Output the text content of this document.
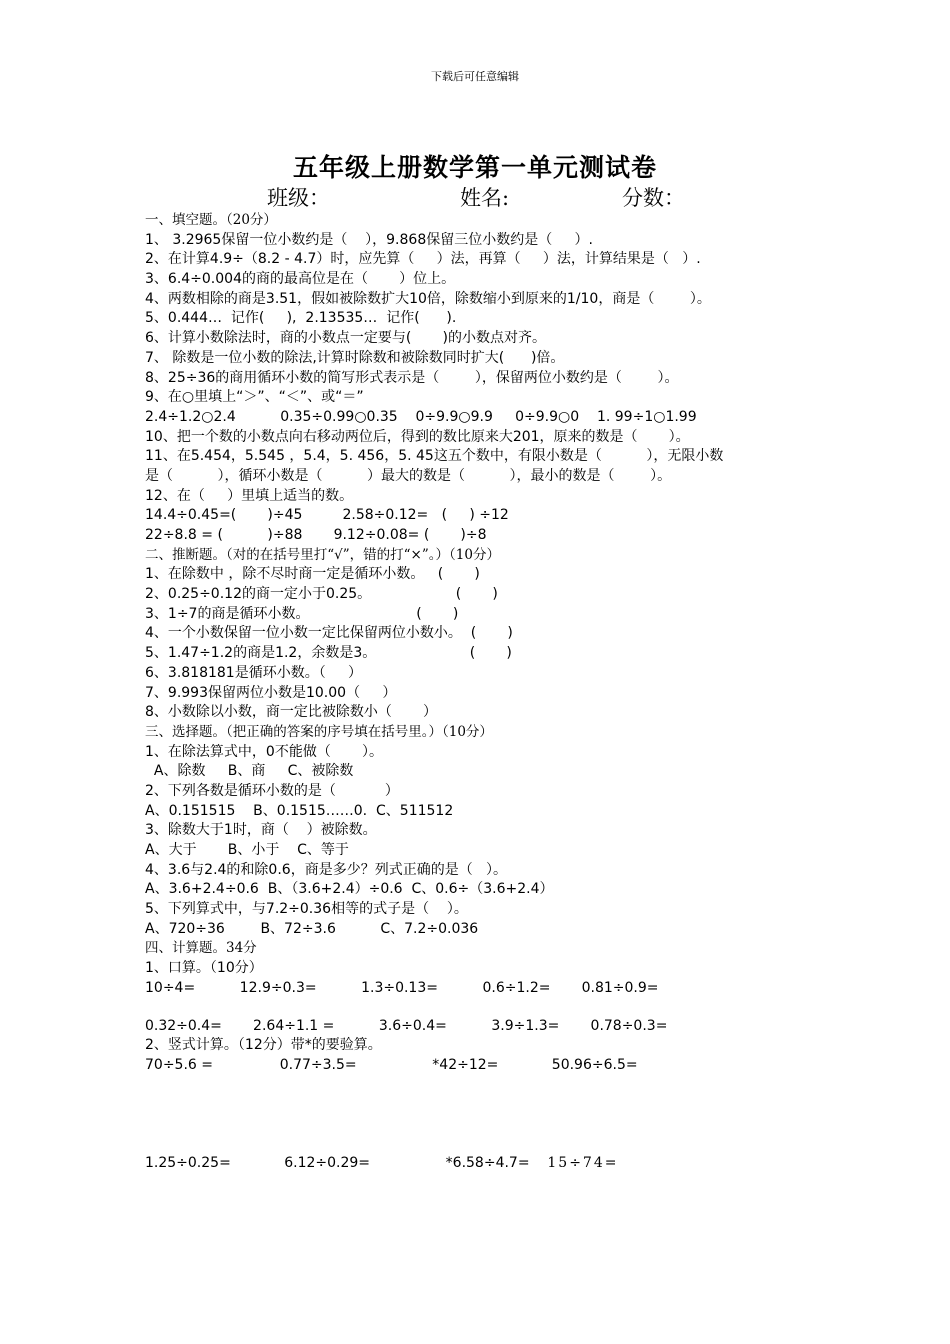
下载后可任意编辑
五年级上册数学第一单元测试卷
班级：	姓名:	分数：
一、填空题。（20分）
1、 3.2965保留一位小数约是（    ），9.868保留三位小数约是（     ）.
2、在计算4.9÷（8.2 - 4.7）时，应先算（     ）法，再算（     ）法，计算结果是（   ）.
3、6.4÷0.004的商的最高位是在（       ）位上。
4、两数相除的商是3.51，假如被除数扩大10倍，除数缩小到原来的1/10，商是（        ）。
5、0.444…  记作(     ),  2.13535…  记作(      ).
6、计算小数除法时，商的小数点一定要与(       )的小数点对齐。
7、 除数是一位小数的除法,计算时除数和被除数同时扩大(      )倍。
8、25÷36的商用循环小数的简写形式表示是（        ），保留两位小数约是（        ）。
9、在○里填上“＞”、“＜”、或“＝”
2.4÷1.2○2.4          0.35÷0.99○0.35    0÷9.9○9.9     0÷9.9○0    1. 99÷1○1.99
10、把一个数的小数点向右移动两位后，得到的数比原来大201，原来的数是（       ）。
11、在5.454，5.545 ，5.4，5. 456，5. 45这五个数中，有限小数是（          ），无限小数
是（          ），循环小数是（          ）最大的数是（          ），最小的数是（        ）。
12、在（     ）里填上适当的数。
14.4÷0.45=(       )÷45         2.58÷0.12=   (     ) ÷12
22÷8.8 = (          )÷88       9.12÷0.08= (       )÷8
二、推断题。（对的在括号里打“√”，错的打“×”。）（10分）
1、在除数中 ，除不尽时商一定是循环小数。   (       )
2、0.25÷0.12的商一定小于0.25。                   (       )
3、1÷7的商是循环小数。                        (       )
4、一个小数保留一位小数一定比保留两位小数小。  (       )
5、1.47÷1.2的商是1.2，余数是3。                     (       )
6、3.818181是循环小数。（     ）
7、9.993保留两位小数是10.00（     ）
8、小数除以小数，商一定比被除数小（       ）
三、选择题。（把正确的答案的序号填在括号里。）（10分）
1、在除法算式中，0不能做（       ）。
A、除数     B、商     C、被除数
2、下列各数是循环小数的是（           ）
A、0.151515    B、0.1515……0.  C、511512
3、除数大于1时，商（    ）被除数。
A、大于       B、小于    C、等于
4、3.6与2.4的和除0.6，商是多少？列式正确的是（   ）。
A、3.6+2.4÷0.6  B、（3.6+2.4）÷0.6  C、0.6÷（3.6+2.4）
5、下列算式中，与7.2÷0.36相等的式子是（    ）。
A、720÷36        B、72÷3.6          C、7.2÷0.036
四、计算题。34分
1、口算。（10分）
10÷4=          12.9÷0.3=          1.3÷0.13=          0.6÷1.2=       0.81÷0.9=
0.32÷0.4=       2.64÷1.1 =          3.6÷0.4=          3.9÷1.3=       0.78÷0.3=
2、竖式计算。（12分）带*的要验算。
70÷5.6 =               0.77÷3.5=                 *42÷12=            50.96÷6.5=
1.25÷0.25=            6.12÷0.29=                 *6.58÷4.7=    15÷74=
